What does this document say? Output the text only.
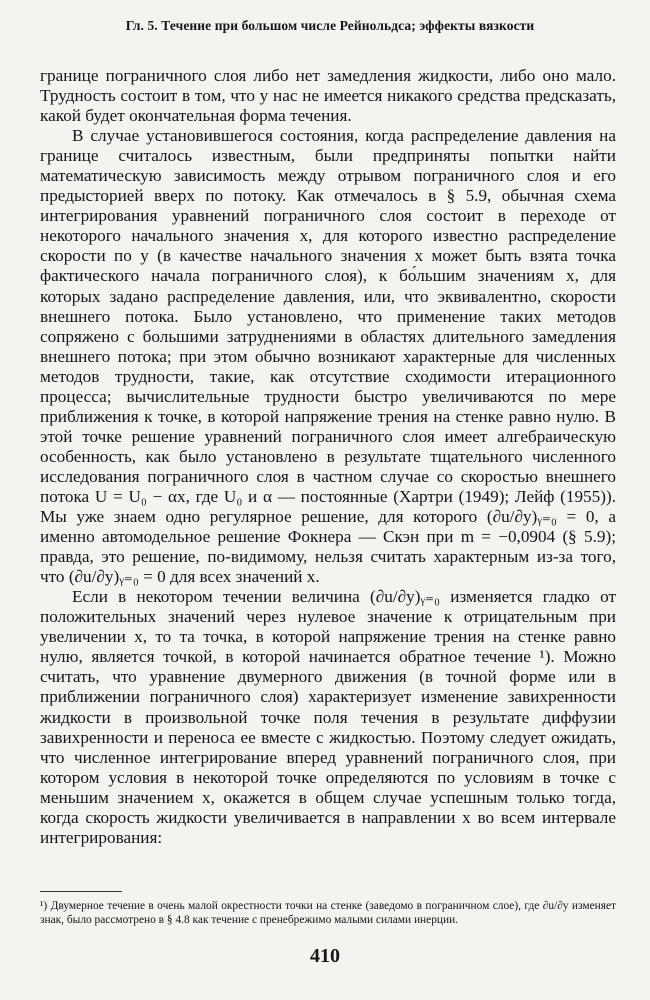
Гл. 5. Течение при большом числе Рейнольдса; эффекты вязкости

границе пограничного слоя либо нет замедления жидкости, либо оно мало. Трудность состоит в том, что у нас не имеется никакого средства предсказать, какой будет окончательная форма течения.

В случае установившегося состояния, когда распределение давления на границе считалось известным, были предприняты попытки найти математическую зависимость между отрывом пограничного слоя и его предысторией вверх по потоку. Как отмечалось в § 5.9, обычная схема интегрирования уравнений пограничного слоя состоит в переходе от некоторого начального значения x, для которого известно распределение скорости по y (в качестве начального значения x может быть взята точка фактического начала пограничного слоя), к бо́льшим значениям x, для которых задано распределение давления, или, что эквивалентно, скорости внешнего потока. Было установлено, что применение таких методов сопряжено с большими затруднениями в областях длительного замедления внешнего потока; при этом обычно возникают характерные для численных методов трудности, такие, как отсутствие сходимости итерационного процесса; вычислительные трудности быстро увеличиваются по мере приближения к точке, в которой напряжение трения на стенке равно нулю. В этой точке решение уравнений пограничного слоя имеет алгебраическую особенность, как было установлено в результате тщательного численного исследования пограничного слоя в частном случае со скоростью внешнего потока U = U₀ − αx, где U₀ и α — постоянные (Хартри (1949); Лейф (1955)). Мы уже знаем одно регулярное решение, для которого (∂u/∂y)ᵧ₌₀ = 0, а именно автомодельное решение Фокнера — Скэн при m = −0,0904 (§ 5.9); правда, это решение, по-видимому, нельзя считать характерным из-за того, что (∂u/∂y)ᵧ₌₀ = 0 для всех значений x.

Если в некотором течении величина (∂u/∂y)ᵧ₌₀ изменяется гладко от положительных значений через нулевое значение к отрицательным при увеличении x, то та точка, в которой напряжение трения на стенке равно нулю, является точкой, в которой начинается обратное течение ¹). Можно считать, что уравнение двумерного движения (в точной форме или в приближении пограничного слоя) характеризует изменение завихренности жидкости в произвольной точке поля течения в результате диффузии завихренности и переноса ее вместе с жидкостью. Поэтому следует ожидать, что численное интегрирование вперед уравнений пограничного слоя, при котором условия в некоторой точке определяются по условиям в точке с меньшим значением x, окажется в общем случае успешным только тогда, когда скорость жидкости увеличивается в направлении x во всем интервале интегрирования:

¹) Двумерное течение в очень малой окрестности точки на стенке (заведомо в пограничном слое), где ∂u/∂y изменяет знак, было рассмотрено в § 4.8 как течение с пренебрежимо малыми силами инерции.

410
